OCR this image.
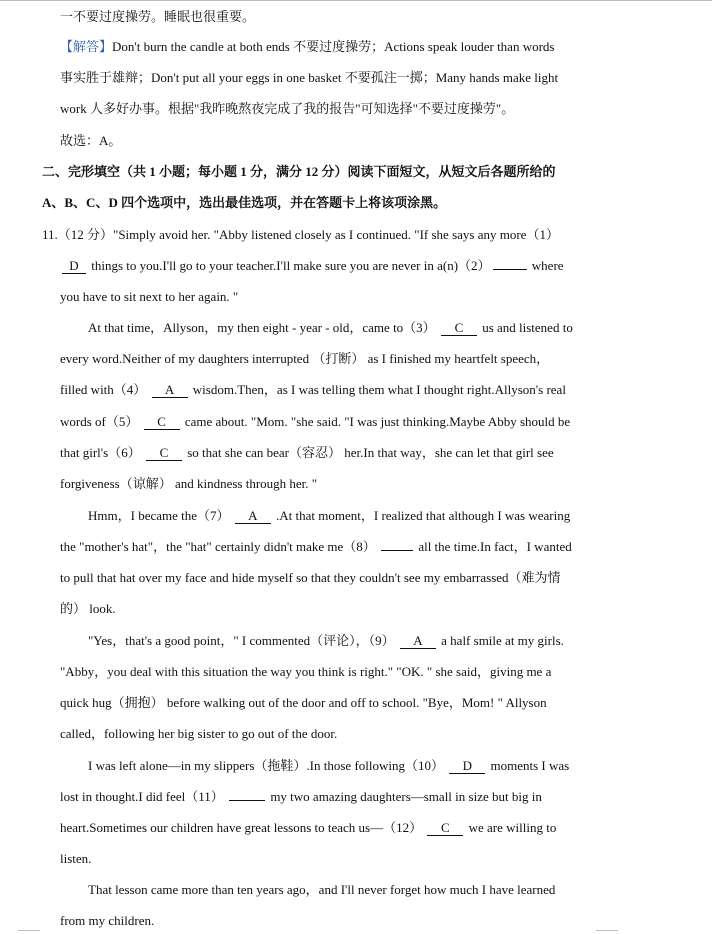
一不要过度操劳。睡眠也很重要。
【解答】Don't burn the candle at both ends 不要过度操劳；Actions speak louder than words
事实胜于雄辩；Don't put all your eggs in one basket 不要孤注一掷；Many hands make light
work 人多好办事。根据"我昨晚熬夜完成了我的报告"可知选择"不要过度操劳"。
故选：A。
二、完形填空（共 1 小题；每小题 1 分，满分 12 分）阅读下面短文，从短文后各题所给的
A、B、C、D 四个选项中，选出最佳选项，并在答题卡上将该项涂黑。
11.（12 分）"Simply avoid her. "Abby listened closely as I continued. "If she says any more（1）
D things to you.I'll go to your teacher.I'll make sure you are never in a(n)（2）	where
you have to sit next to her again. "
At that time，Allyson，my then eight - year - old，came to（3） C us and listened to
every word.Neither of my daughters interrupted （打断） as I finished my heartfelt speech，
filled with（4） A wisdom.Then，as I was telling them what I thought right.Allyson's real
words of（5） C came about. "Mom. "she said. "I was just thinking.Maybe Abby should be
that girl's（6） C so that she can bear（容忍） her.In that way，she can let that girl see
forgiveness（谅解） and kindness through her. "
Hmm，I became the（7） A .At that moment，I realized that although I was wearing
the "mother's hat"，the "hat" certainly didn't make me（8）	all the time.In fact，I wanted
to pull that hat over my face and hide myself so that they couldn't see my embarrassed（难为情
的） look.
"Yes，that's a good point，" I commented（评论），（9） A a half smile at my girls.
"Abby，you deal with this situation the way you think is right." "OK. " she said，giving me a
quick hug（拥抱） before walking out of the door and off to school. "Bye，Mom! " Allyson
called，following her big sister to go out of the door.
I was left alone—in my slippers（拖鞋）.In those following（10） D moments I was
lost in thought.I did feel（11）	my two amazing daughters—small in size but big in
heart.Sometimes our children have great lessons to teach us—（12） C we are willing to
listen.
That lesson came more than ten years ago，and I'll never forget how much I have learned
from my children.
